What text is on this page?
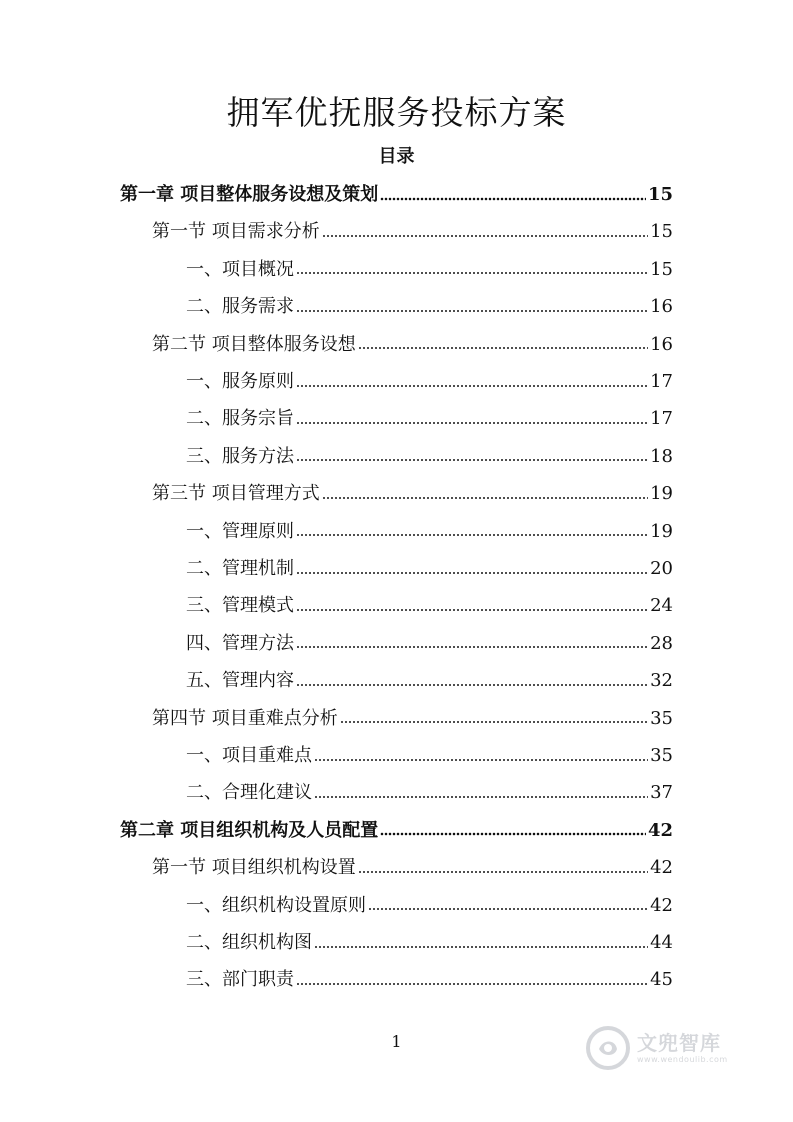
拥军优抚服务投标方案
目录
第一章 项目整体服务设想及策划	15
第一节 项目需求分析	15
一、项目概况	15
二、服务需求	16
第二节 项目整体服务设想	16
一、服务原则	17
二、服务宗旨	17
三、服务方法	18
第三节 项目管理方式	19
一、管理原则	19
二、管理机制	20
三、管理模式	24
四、管理方法	28
五、管理内容	32
第四节 项目重难点分析	35
一、项目重难点	35
二、合理化建议	37
第二章 项目组织机构及人员配置	42
第一节 项目组织机构设置	42
一、组织机构设置原则	42
二、组织机构图	44
三、部门职责	45
1	文兜智库
www.wendoulib.com
